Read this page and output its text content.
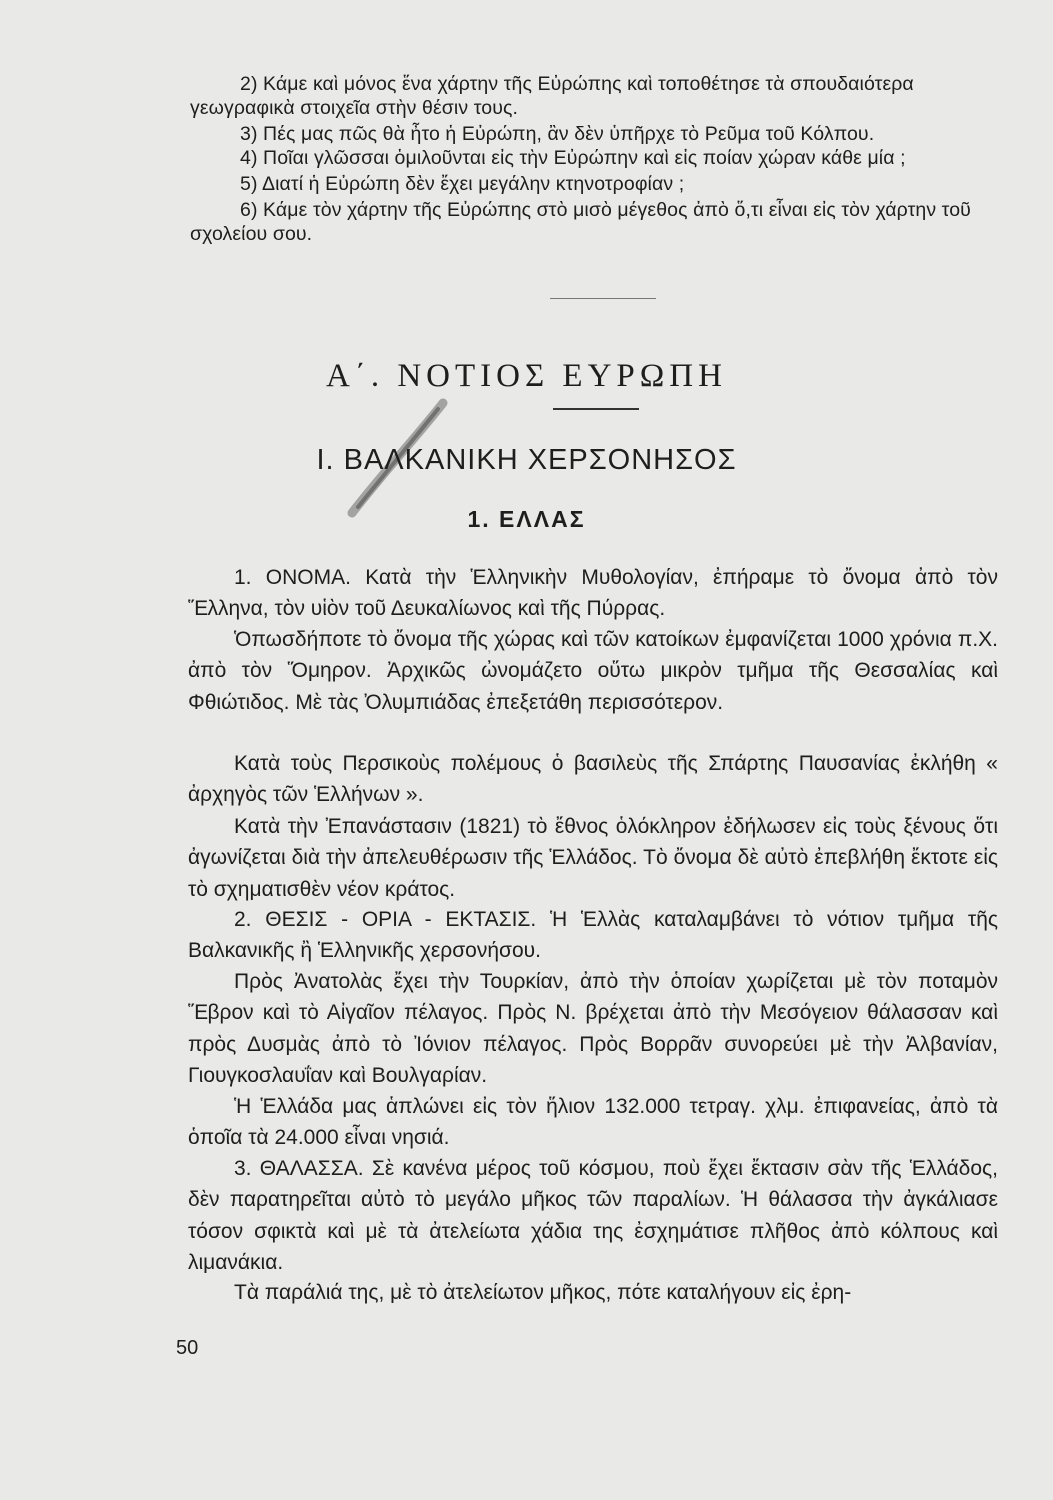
2) Κάμε καὶ μόνος ἕνα χάρτην τῆς Εὐρώπης καὶ τοποθέτησε τὰ σπουδαιότερα γεωγραφικὰ στοιχεῖα στὴν θέσιν τους.

3) Πές μας πῶς θὰ ἦτο ἡ Εὐρώπη, ἂν δὲν ὑπῆρχε τὸ Ρεῦμα τοῦ Κόλπου.

4) Ποῖαι γλῶσσαι ὁμιλοῦνται εἰς τὴν Εὐρώπην καὶ εἰς ποίαν χώραν κάθε μία ;

5) Διατί ἡ Εὐρώπη δὲν ἔχει μεγάλην κτηνοτροφίαν ;

6) Κάμε τὸν χάρτην τῆς Εὐρώπης στὸ μισὸ μέγεθος ἀπὸ ὅ,τι εἶναι εἰς τὸν χάρτην τοῦ σχολείου σου.

Α΄. ΝΟΤΙΟΣ ΕΥΡΩΠΗ
Ι. ΒΑΛΚΑΝΙΚΗ ΧΕΡΣΟΝΗΣΟΣ
1. ΕΛΛΑΣ

1. ΟΝΟΜΑ. Κατὰ τὴν Ἑλληνικὴν Μυθολογίαν, ἐπήραμε τὸ ὄνομα ἀπὸ τὸν Ἕλληνα, τὸν υἱὸν τοῦ Δευκαλίωνος καὶ τῆς Πύρρας.

Ὁπωσδήποτε τὸ ὄνομα τῆς χώρας καὶ τῶν κατοίκων ἐμφανίζεται 1000 χρόνια π.Χ. ἀπὸ τὸν Ὅμηρον. Ἀρχικῶς ὠνομάζετο οὕτω μικρὸν τμῆμα τῆς Θεσσαλίας καὶ Φθιώτιδος. Μὲ τὰς Ὀλυμπιάδας ἐπεξετάθη περισσότερον.

Κατὰ τοὺς Περσικοὺς πολέμους ὁ βασιλεὺς τῆς Σπάρτης Παυσανίας ἐκλήθη « ἀρχηγὸς τῶν Ἑλλήνων ».

Κατὰ τὴν Ἐπανάστασιν (1821) τὸ ἔθνος ὁλόκληρον ἐδήλωσεν εἰς τοὺς ξένους ὅτι ἀγωνίζεται διὰ τὴν ἀπελευθέρωσιν τῆς Ἑλλάδος. Τὸ ὄνομα δὲ αὐτὸ ἐπεβλήθη ἔκτοτε εἰς τὸ σχηματισθὲν νέον κράτος.

2. ΘΕΣΙΣ - ΟΡΙΑ - ΕΚΤΑΣΙΣ. Ἡ Ἑλλὰς καταλαμβάνει τὸ νότιον τμῆμα τῆς Βαλκανικῆς ἢ Ἑλληνικῆς χερσονήσου.

Πρὸς Ἀνατολὰς ἔχει τὴν Τουρκίαν, ἀπὸ τὴν ὁποίαν χωρίζεται μὲ τὸν ποταμὸν Ἕβρον καὶ τὸ Αἰγαῖον πέλαγος. Πρὸς Ν. βρέχεται ἀπὸ τὴν Μεσόγειον θάλασσαν καὶ πρὸς Δυσμὰς ἀπὸ τὸ Ἰόνιον πέλαγος. Πρὸς Βορρᾶν συνορεύει μὲ τὴν Ἀλβανίαν, Γιουγκοσλαυΐαν καὶ Βουλγαρίαν.

Ἡ Ἑλλάδα μας ἁπλώνει εἰς τὸν ἥλιον 132.000 τετραγ. χλμ. ἐπιφανείας, ἀπὸ τὰ ὁποῖα τὰ 24.000 εἶναι νησιά.

3. ΘΑΛΑΣΣΑ. Σὲ κανένα μέρος τοῦ κόσμου, ποὺ ἔχει ἔκτασιν σὰν τῆς Ἑλλάδος, δὲν παρατηρεῖται αὐτὸ τὸ μεγάλο μῆκος τῶν παραλίων. Ἡ θάλασσα τὴν ἀγκάλιασε τόσον σφικτὰ καὶ μὲ τὰ ἀτελείωτα χάδια της ἐσχημάτισε πλῆθος ἀπὸ κόλπους καὶ λιμανάκια.

Τὰ παράλιά της, μὲ τὸ ἀτελείωτον μῆκος, πότε καταλήγουν εἰς ἐρη-

50
